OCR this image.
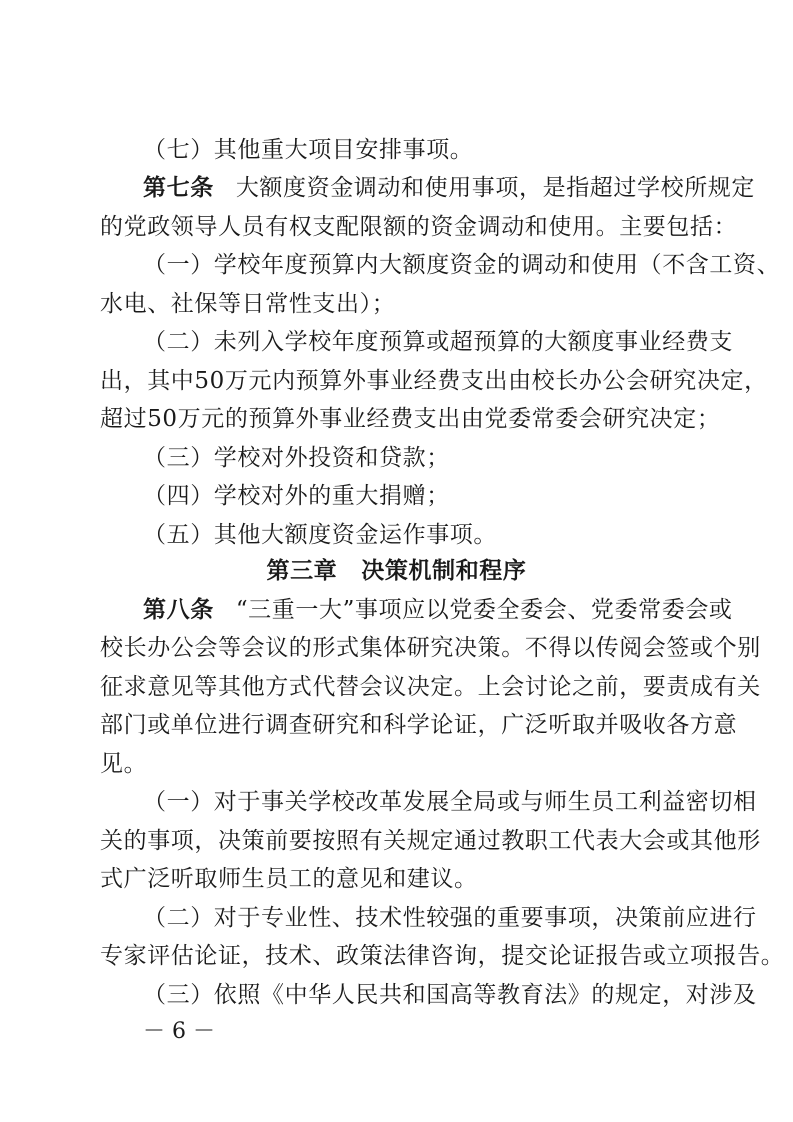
（七）其他重大项目安排事项。
第七条 大额度资金调动和使用事项，是指超过学校所规定
的党政领导人员有权支配限额的资金调动和使用。主要包括：
（一）学校年度预算内大额度资金的调动和使用（不含工资、
水电、社保等日常性支出）；
（二）未列入学校年度预算或超预算的大额度事业经费支
出，其中50万元内预算外事业经费支出由校长办公会研究决定，
超过50万元的预算外事业经费支出由党委常委会研究决定；
（三）学校对外投资和贷款；
（四）学校对外的重大捐赠；
（五）其他大额度资金运作事项。
第三章 决策机制和程序
第八条 “三重一大”事项应以党委全委会、党委常委会或
校长办公会等会议的形式集体研究决策。不得以传阅会签或个别
征求意见等其他方式代替会议决定。上会讨论之前，要责成有关
部门或单位进行调查研究和科学论证，广泛听取并吸收各方意
见。
（一）对于事关学校改革发展全局或与师生员工利益密切相
关的事项，决策前要按照有关规定通过教职工代表大会或其他形
式广泛听取师生员工的意见和建议。
（二）对于专业性、技术性较强的重要事项，决策前应进行
专家评估论证，技术、政策法律咨询，提交论证报告或立项报告。
（三）依照《中华人民共和国高等教育法》的规定，对涉及
－ 6 －
